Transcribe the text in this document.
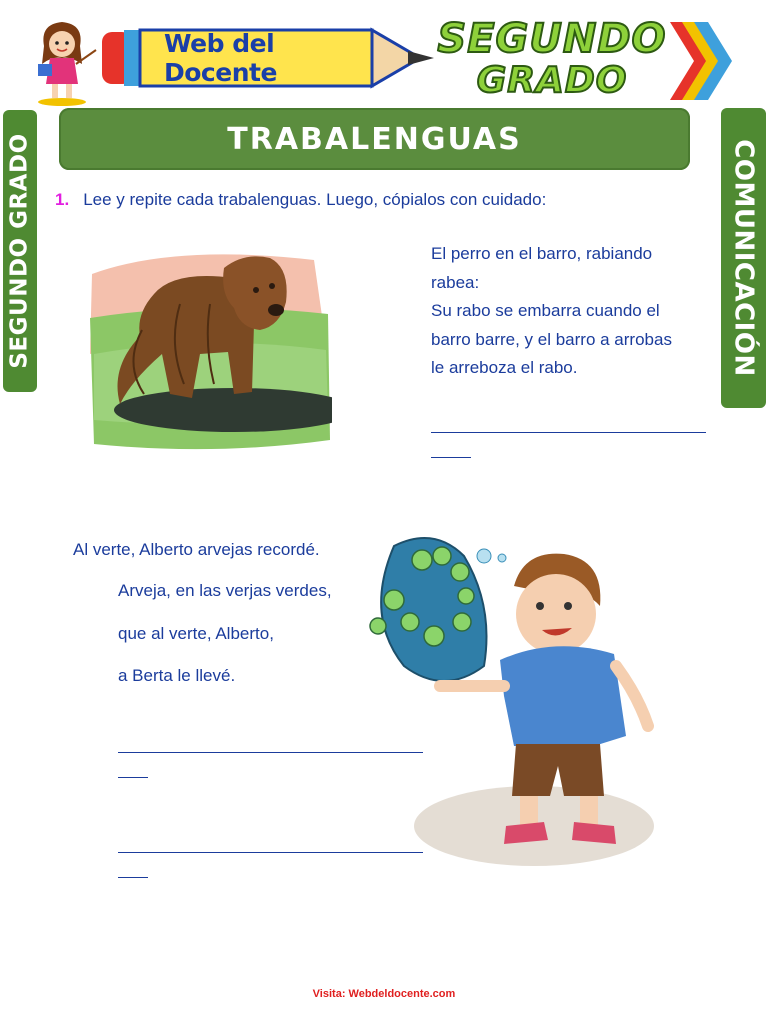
Web del Docente
SEGUNDO
GRADO
TRABALENGUAS
SEGUNDO GRADO	COMUNICACIÓN
1. Lee y repite cada trabalenguas. Luego, cópialos con cuidado:
El perro en el barro, rabiando
rabea:
Su rabo se embarra cuando el
barro barre, y el barro a arrobas
le arreboza el rabo.
Al verte, Alberto arvejas recordé.
Arveja, en las verjas verdes,
que al verte, Alberto,
a Berta le llevé.
Visita: Webdeldocente.com
